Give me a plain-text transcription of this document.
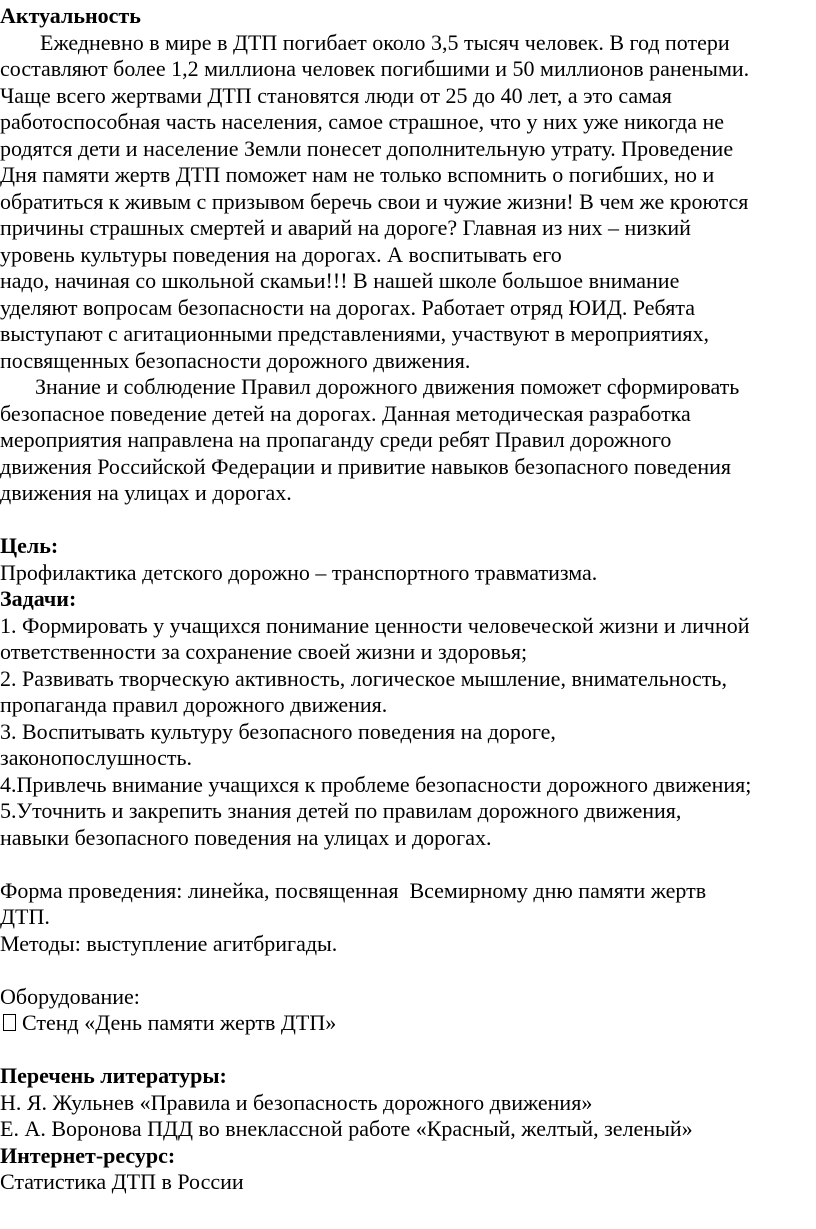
Актуальность
Ежедневно в мире в ДТП погибает около 3,5 тысяч человек. В год потери
составляют более 1,2 миллиона человек погибшими и 50 миллионов ранеными.
Чаще всего жертвами ДТП становятся люди от 25 до 40 лет, а это самая
работоспособная часть населения, самое страшное, что у них уже никогда не
родятся дети и население Земли понесет дополнительную утрату. Проведение
Дня памяти жертв ДТП поможет нам не только вспомнить о погибших, но и
обратиться к живым с призывом беречь свои и чужие жизни! В чем же кроются
причины страшных смертей и аварий на дороге? Главная из них – низкий
уровень культуры поведения на дорогах. А воспитывать его
надо, начиная со школьной скамьи!!! В нашей школе большое внимание
уделяют вопросам безопасности на дорогах. Работает отряд ЮИД. Ребята
выступают с агитационными представлениями, участвуют в мероприятиях,
посвященных безопасности дорожного движения.
Знание и соблюдение Правил дорожного движения поможет сформировать
безопасное поведение детей на дорогах. Данная методическая разработка
мероприятия направлена на пропаганду среди ребят Правил дорожного
движения Российской Федерации и привитие навыков безопасного поведения
движения на улицах и дорогах.
Цель:
Профилактика детского дорожно – транспортного травматизма.
Задачи:
1. Формировать у учащихся понимание ценности человеческой жизни и личной
ответственности за сохранение своей жизни и здоровья;
2. Развивать творческую активность, логическое мышление, внимательность,
пропаганда правил дорожного движения.
3. Воспитывать культуру безопасного поведения на дороге,
законопослушность.
4.Привлечь внимание учащихся к проблеме безопасности дорожного движения;
5.Уточнить и закрепить знания детей по правилам дорожного движения,
навыки безопасного поведения на улицах и дорогах.
Форма проведения: линейка, посвященная  Всемирному дню памяти жертв
ДТП.
Методы: выступление агитбригады.
Оборудование:
Стенд «День памяти жертв ДТП»
Перечень литературы:
Н. Я. Жульнев «Правила и безопасность дорожного движения»
Е. А. Воронова ПДД во внеклассной работе «Красный, желтый, зеленый»
Интернет-ресурс:
Статистика ДТП в России
